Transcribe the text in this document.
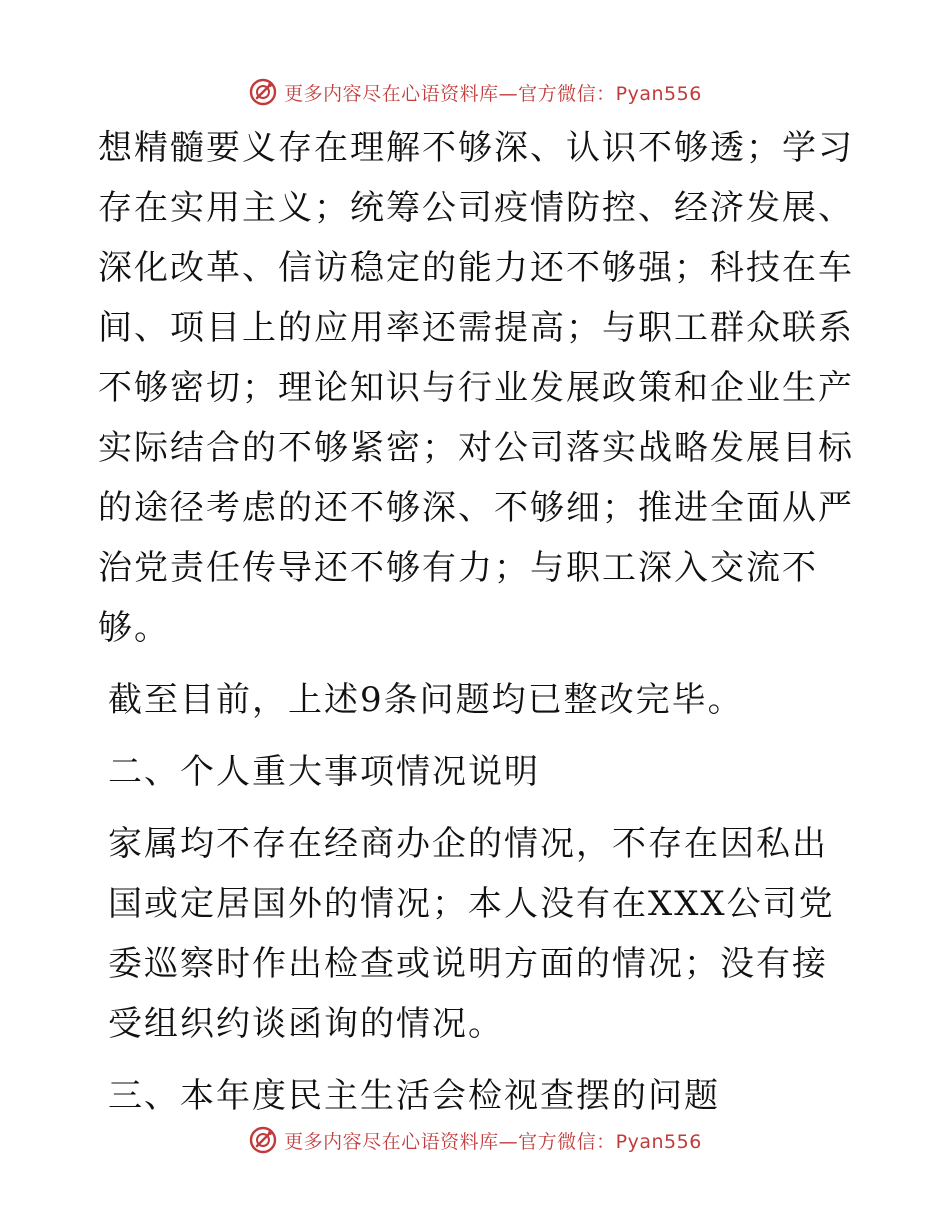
更多内容尽在心语资料库—官方微信：Pyan556

想精髓要义存在理解不够深、认识不够透；学习存在实用主义；统筹公司疫情防控、经济发展、深化改革、信访稳定的能力还不够强；科技在车间、项目上的应用率还需提高；与职工群众联系不够密切；理论知识与行业发展政策和企业生产实际结合的不够紧密；对公司落实战略发展目标的途径考虑的还不够深、不够细；推进全面从严治党责任传导还不够有力；与职工深入交流不够。

截至目前，上述9条问题均已整改完毕。

二、个人重大事项情况说明

家属均不存在经商办企的情况，不存在因私出国或定居国外的情况；本人没有在XXX公司党委巡察时作出检查或说明方面的情况；没有接受组织约谈函询的情况。

三、本年度民主生活会检视查摆的问题

更多内容尽在心语资料库—官方微信：Pyan556
